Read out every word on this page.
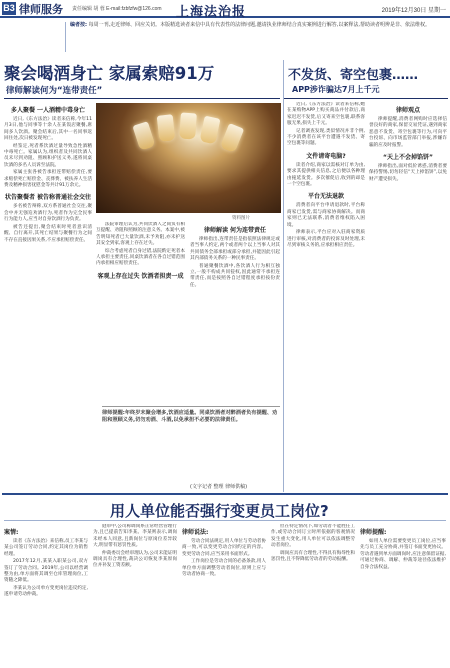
B3 律师服务 责任编辑 胡 蓉 E-mail:fzbfzfw@126.com 上海法治报	2019年12月30日 星期一
编者按: 每周一刊,走近律师、回应关切。本版精选读者来信中具有代表性的法律问题,邀请执业律师结合真实案例进行解答,以案释法,帮助读者明辨是非、依法维权。
聚会喝酒身亡 家属索赔91万
律师解读何为“连带责任”
多人聚餐 一人酒精中毒身亡

近日,《东方法治》读者来信称,今年11月3日,他与同事等十余人在某饭店聚餐,席间多人饮酒。聚会结束后,其中一名同事返回住处,次日被发现死亡。

经鉴定,死者系饮酒过量导致急性酒精中毒死亡。家属认为,组织者及共同饮酒人员未尽到劝阻、照顾和护送义务,遂将同桌饮酒的多名人员诉至法院。

家属主张各被告承担连带赔偿责任,要求赔偿死亡赔偿金、丧葬费、被扶养人生活费及精神损害抚慰金等共计91万余元。

状告聚餐者 被告称普通社会交往

多名被告辩称,双方系普通社会交往,聚会中并无强迫劝酒行为,死者作为完全民事行为能力人,应当对自身饮酒行为负责。

被告还提出,聚会结束时死者意识清醒、自行离开,其死亡结果与聚餐行为之间不存在直接因果关系,不应承担赔偿责任。

资料图片

法院审理后认为,共同饮酒人之间负有相互提醒、劝阻和照顾的注意义务。本案中,被告明知死者已大量饮酒,未予劝阻,亦未护送其安全到家,客观上存在过失。

综合考虑死者自身过错,法院酌定死者本人承担主要责任,同桌饮酒者在各自过错范围内承担相应赔偿责任。

客观上存在过失 饮酒者担责一成
律师解读 何为连带责任

律师指出,连带责任是指依照法律规定或者当事人约定,两个或者两个以上当事人对其共同债务全部承担或部分承担,并能因此引起其内部债务关系的一种民事责任。

普通聚餐饮酒中,各饮酒人行为相互独立,一般不构成共同侵权,因此通常不承担连带责任,而是按照各自过错程度承担按份责任。

律师提醒:年终岁末聚会增多,饮酒应适量。同桌饮酒者对醉酒者负有提醒、劝阻和照顾义务,切勿劝酒、斗酒,以免承担不必要的法律责任。
(文字记者 整理 律师供稿)
不发货、寄空包裹……
APP涉诈骗达7月上千元

近日,《东方法治》读者来信称,她在某购物APP上购买商品并付款后,商家迟迟不发货,后又寄来空包裹,联系客服无果,损失上千元。

记者调查发现,类似情况并非个例,不少消费者在该平台遭遇不发货、寄空包裹等问题。

文件请寄电脑?

读者介绍,商家以需核对订单为由,要求其提供相关信息,之后便以各种理由拖延发货。多次催促后,收到的却是一个空包裹。

平台无法退款

消费者向平台申请退款时,平台称商家已发货,需与商家协商解决。而商家则已无法联系,消费者维权陷入困境。

律师表示,平台应对入驻商家资质进行审核,对消费者的投诉及时处理,未尽到审核义务的,应承担相应责任。

律师观点

律师提醒,消费者网购时应选择信誉良好的商家,保留交易凭证,遇到商家恶意不发货、寄空包裹等行为,可向平台投诉、向市场监管部门举报,涉嫌诈骗的应及时报警。

“天上不会掉馅饼”

律师指出,面对低价诱惑,消费者要保持警惕,切勿轻信“天上掉馅饼”,以免财产遭受损失。

用人单位能否强行变更员工岗位?
案情:

读者《东方法治》来信称,员工李某与某公司签订劳动合同,约定其岗位为销售经理。

2017年12月,某某入职某公司,双方签订了劳动合同。2019年,公司以经营调整为由,单方面将其调至仓库管理岗位,工资随之降低。

李某认为公司单方变更岗位违反约定,遂申请劳动仲裁。

庭审中,公司称调岗系正常经营管理行为,且已提前告知李某。李某则表示,调岗未经本人同意,且新岗位与原岗位差异较大,明显带有惩罚性质。

仲裁委员会经审理认为,公司未能证明调岗具有合理性,裁决公司恢复李某原岗位并补发工资差额。

律师说法:

劳动合同法规定,用人单位与劳动者协商一致,可以变更劳动合同约定的内容。变更劳动合同,应当采用书面形式。

工作岗位是劳动合同的必备条款,用人单位单方面调整劳动者岗位,原则上应与劳动者协商一致。

但在特定情况下,如劳动者不能胜任工作,或劳动合同订立时所依据的客观情况发生重大变化,用人单位可以依法调整劳动者岗位。

调岗应具有合理性,不得具有侮辱性和惩罚性,且不得降低劳动者的劳动报酬。

律师提醒:

如用人单位需要变更员工岗位,应当事先与员工充分协商,并签订书面变更协议。劳动者遇到单方面调岗时,应注意保留证据,可通过协商、调解、仲裁等途径依法维护自身合法权益。
